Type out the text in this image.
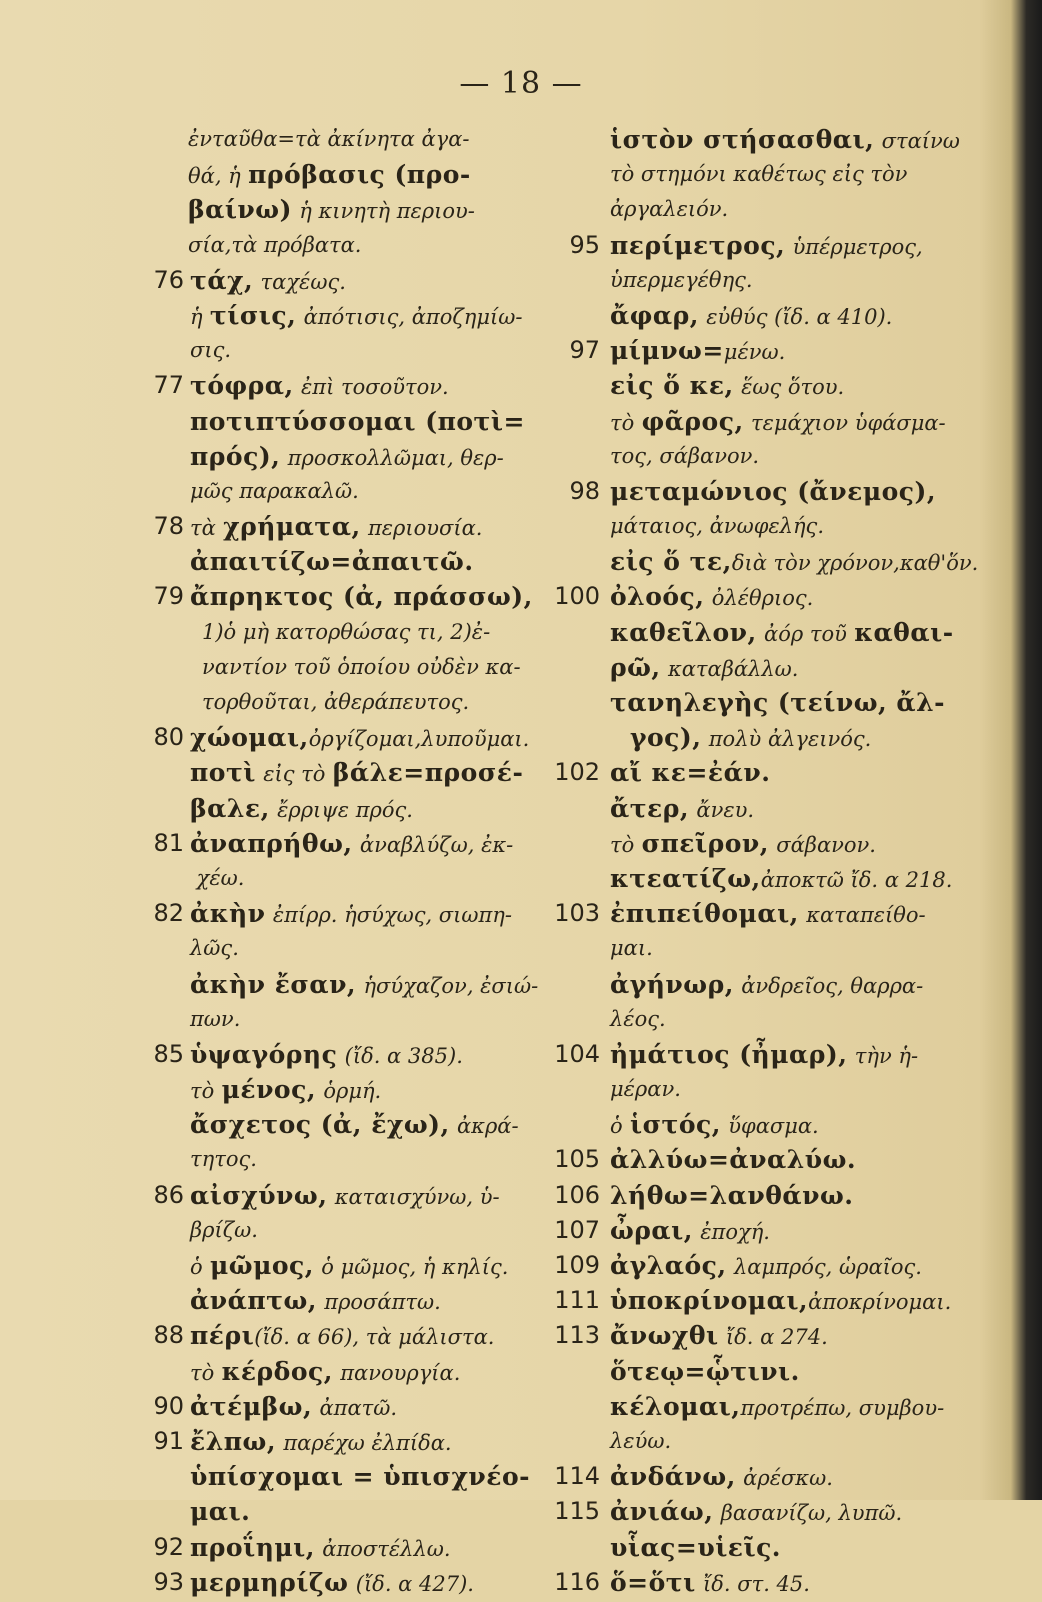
— 18 —
ἐνταῦθα=τὰ ἀκίνητα ἀγα-
θά, ἡ πρόβασις (προ-
βαίνω) ἡ κινητὴ περιου-
σία,τὰ πρόβατα.
76 τάχ, ταχέως.
ἡ τίσις, ἀπότισις, ἀποζημίω-
σις.
77 τόφρα, ἐπὶ τοσοῦτον.
ποτιπτύσσομαι (ποτὶ=
πρός), προσκολλῶμαι, θερ-
μῶς παρακαλῶ.
78 τὰ χρήματα, περιουσία.
ἀπαιτίζω=ἀπαιτῶ.
79 ἄπρηκτος (ἀ, πράσσω),
1)ὁ μὴ κατορθώσας τι, 2)ἐ-
ναντίον τοῦ ὁποίου οὐδὲν κα-
τορθοῦται, ἀθεράπευτος.
80 χώομαι,ὀργίζομαι,λυποῦμαι.
ποτὶ εἰς τὸ βάλε=προσέ-
βαλε, ἔρριψε πρός.
81 ἀναπρήθω, ἀναβλύζω, ἐκ-
χέω.
82 ἀκὴν ἐπίρρ. ἡσύχως, σιωπη-
λῶς.
ἀκὴν ἔσαν, ἡσύχαζον, ἐσιώ-
πων.
85 ὑψαγόρης (ἴδ. α 385).
τὸ μένος, ὁρμή.
ἄσχετος (ἀ, ἔχω), ἀκρά-
τητος.
86 αἰσχύνω, καταισχύνω, ὑ-
βρίζω.
ὁ μῶμος, ὁ μῶμος, ἡ κηλίς.
ἀνάπτω, προσάπτω.
88 πέρι(ἴδ. α 66), τὰ μάλιστα.
τὸ κέρδος, πανουργία.
90 ἀτέμβω, ἀπατῶ.
91 ἔλπω, παρέχω ἐλπίδα.
ὑπίσχομαι = ὑπισχνέο-
μαι.
92 προΐημι, ἀποστέλλω.
93 μερμηρίζω (ἴδ. α 427).
ἱστὸν στήσασθαι, σταίνω
τὸ στημόνι καθέτως εἰς τὸν
ἀργαλειόν.
95 περίμετρος, ὑπέρμετρος,
ὑπερμεγέθης.
ἄφαρ, εὐθύς (ἴδ. α 410).
97 μίμνω=μένω.
εἰς ὅ κε, ἕως ὅτου.
τὸ φᾶρος, τεμάχιον ὑφάσμα-
τος, σάβανον.
98 μεταμώνιος (ἄνεμος),
μάταιος, ἀνωφελής.
εἰς ὅ τε,διὰ τὸν χρόνον,καθ'ὅν.
100 ὀλοός, ὀλέθριος.
καθεῖλον, ἀόρ τοῦ καθαι-
ρῶ, καταβάλλω.
τανηλεγὴς (τείνω, ἄλ-
γος), πολὺ ἀλγεινός.
102 αἴ κε=ἐάν.
ἄτερ, ἄνευ.
τὸ σπεῖρον, σάβανον.
κτεατίζω,ἀποκτῶ ἴδ. α 218.
103 ἐπιπείθομαι, καταπείθο-
μαι.
ἀγήνωρ, ἀνδρεῖος, θαρρα-
λέος.
104 ἠμάτιος (ἦμαρ), τὴν ἡ-
μέραν.
ὁ ἱστός, ὕφασμα.
105 ἀλλύω=ἀναλύω.
106 λήθω=λανθάνω.
107 ὦραι, ἐποχή.
109 ἀγλαός, λαμπρός, ὡραῖος.
111 ὑποκρίνομαι,ἀποκρίνομαι.
113 ἄνωχθι ἴδ. α 274.
ὅτεῳ=ᾧτινι.
κέλομαι,προτρέπω, συμβου-
λεύω.
114 ἀνδάνω, ἀρέσκω.
115 ἀνιάω, βασανίζω, λυπῶ.
υἷας=υἱεῖς.
116 ὅ=ὅτι ἴδ. στ. 45.
